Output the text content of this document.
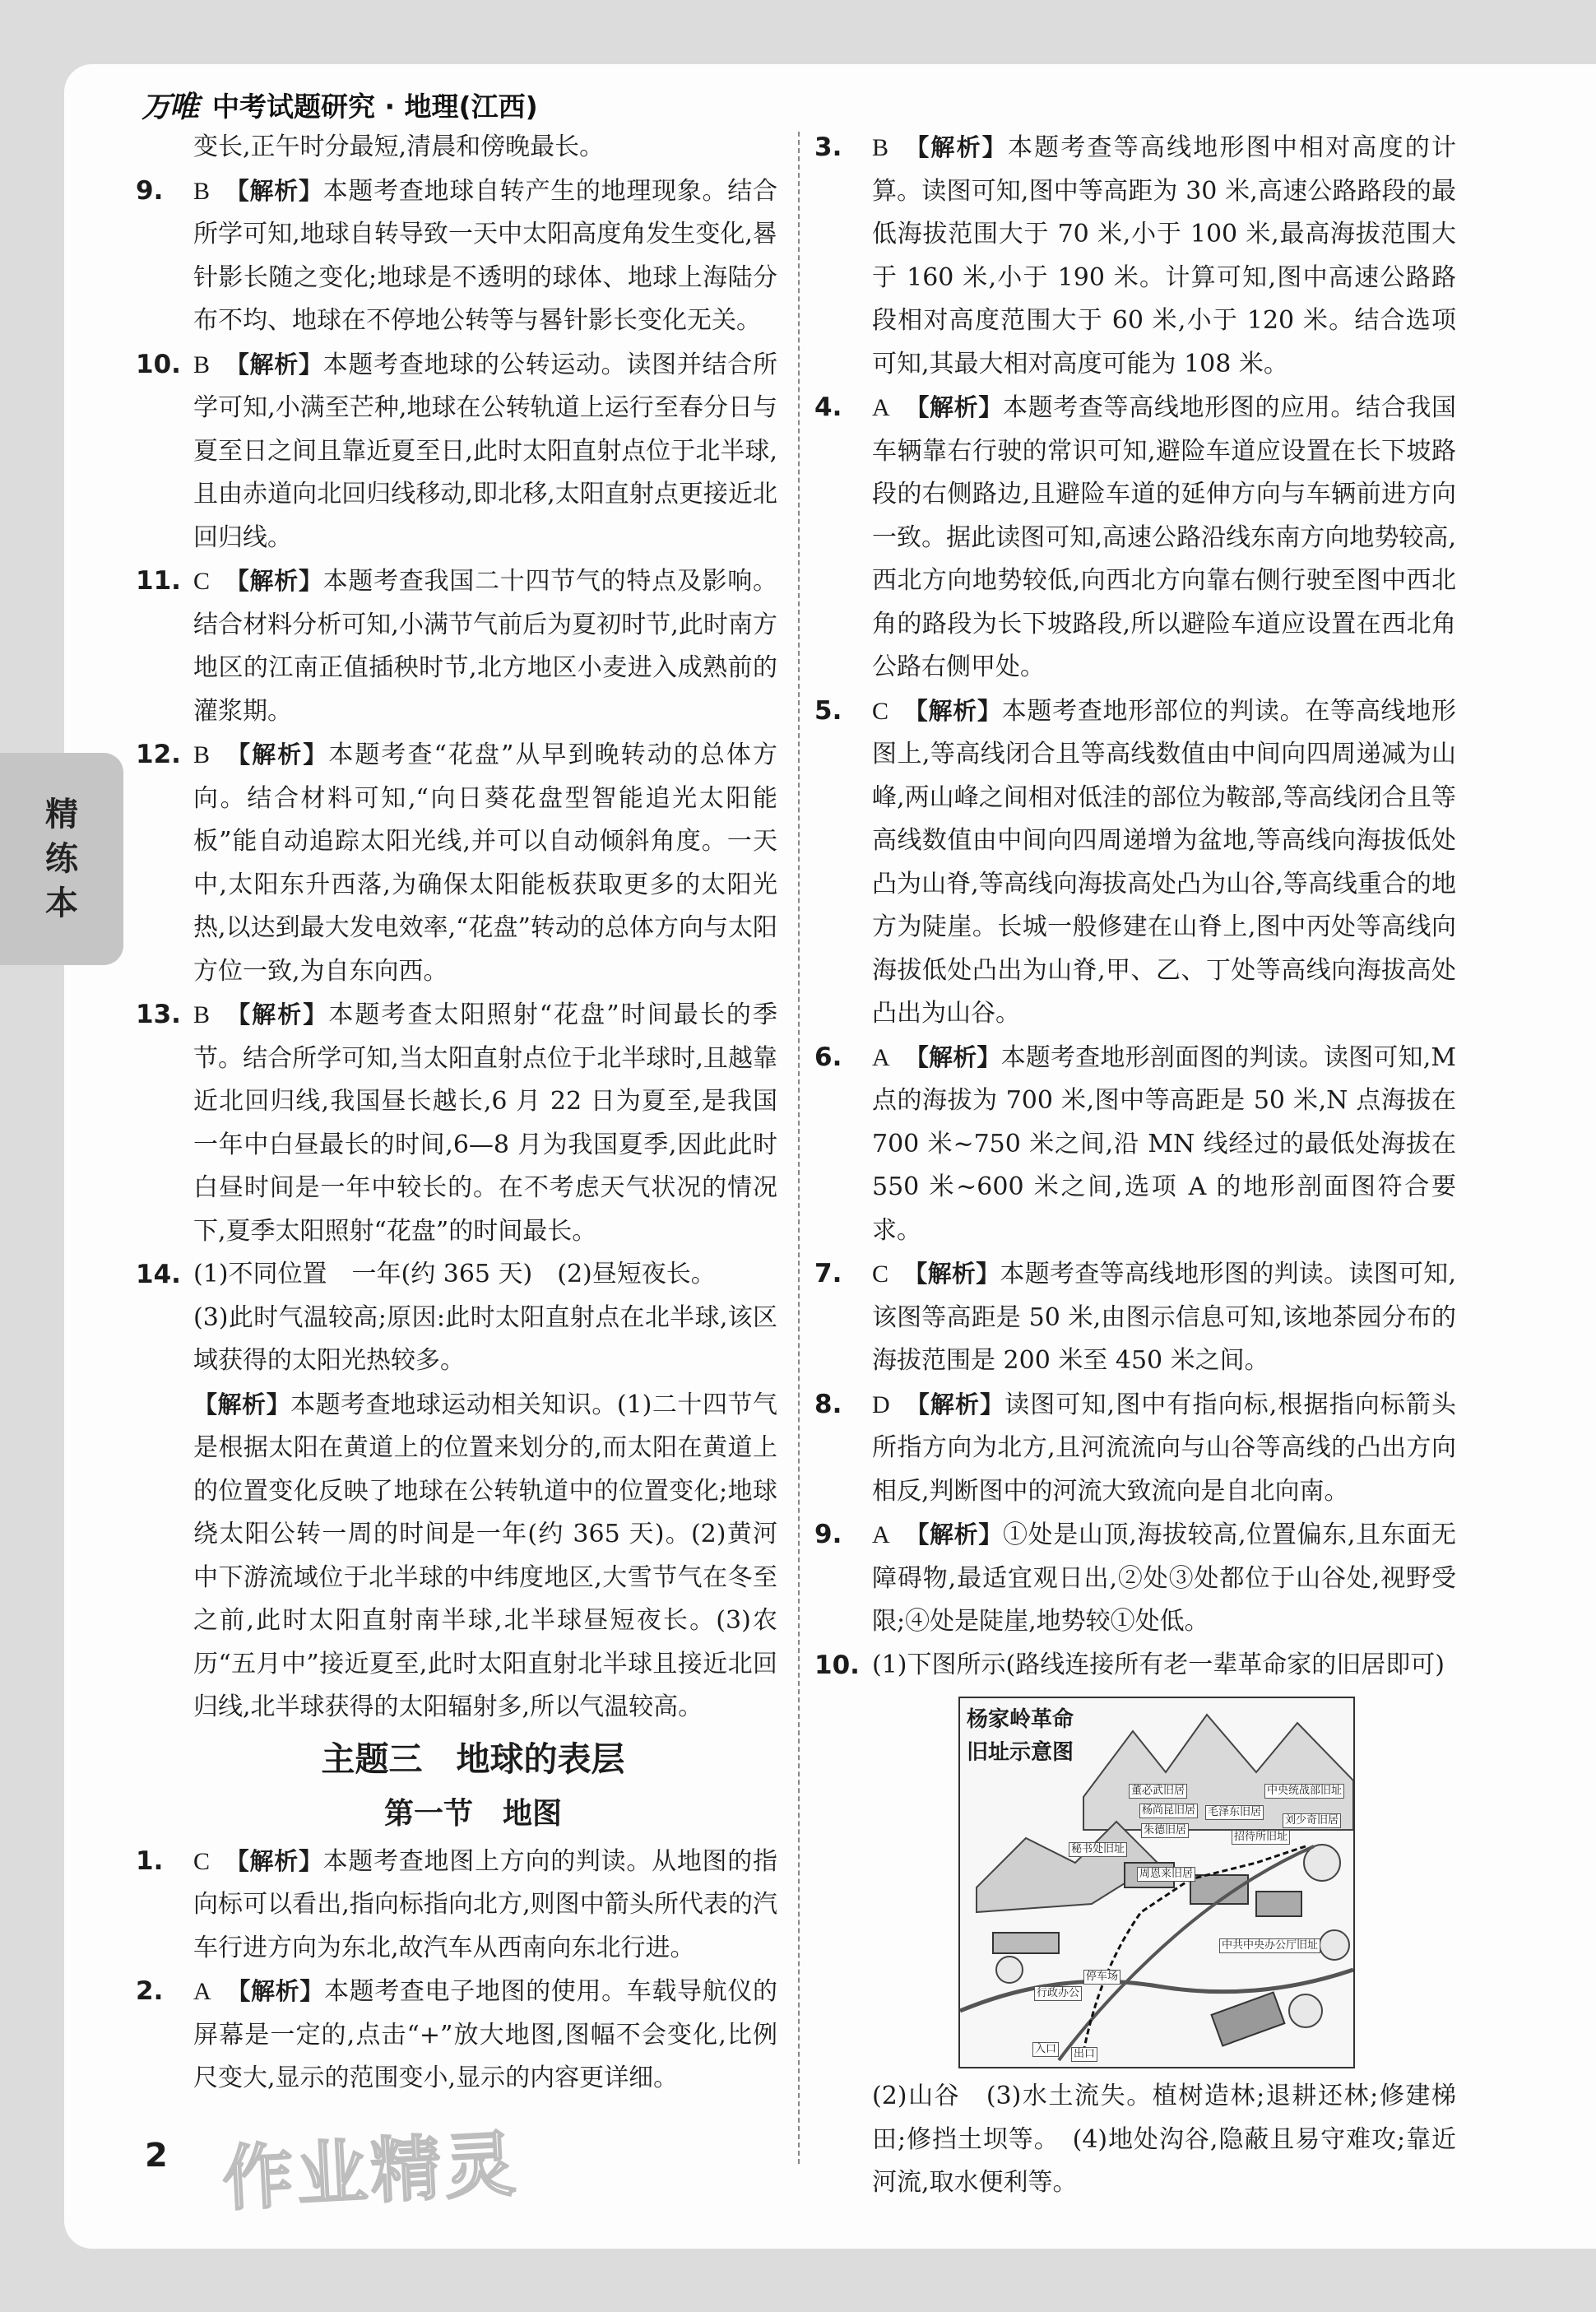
万唯 中考试题研究 · 地理(江西)
精
练
本
变长,正午时分最短,清晨和傍晚最长。
9. B 【解析】本题考查地球自转产生的地理现象。结合所学可知,地球自转导致一天中太阳高度角发生变化,晷针影长随之变化;地球是不透明的球体、地球上海陆分布不均、地球在不停地公转等与晷针影长变化无关。
10. B 【解析】本题考查地球的公转运动。读图并结合所学可知,小满至芒种,地球在公转轨道上运行至春分日与夏至日之间且靠近夏至日,此时太阳直射点位于北半球,且由赤道向北回归线移动,即北移,太阳直射点更接近北回归线。
11. C 【解析】本题考查我国二十四节气的特点及影响。结合材料分析可知,小满节气前后为夏初时节,此时南方地区的江南正值插秧时节,北方地区小麦进入成熟前的灌浆期。
12. B 【解析】本题考查“花盘”从早到晚转动的总体方向。结合材料可知,“向日葵花盘型智能追光太阳能板”能自动追踪太阳光线,并可以自动倾斜角度。一天中,太阳东升西落,为确保太阳能板获取更多的太阳光热,以达到最大发电效率,“花盘”转动的总体方向与太阳方位一致,为自东向西。
13. B 【解析】本题考查太阳照射“花盘”时间最长的季节。结合所学可知,当太阳直射点位于北半球时,且越靠近北回归线,我国昼长越长,6 月 22 日为夏至,是我国一年中白昼最长的时间,6—8 月为我国夏季,因此此时白昼时间是一年中较长的。在不考虑天气状况的情况下,夏季太阳照射“花盘”的时间最长。
14. (1)不同位置　一年(约 365 天)　(2)昼短夜长。
(3)此时气温较高;原因:此时太阳直射点在北半球,该区域获得的太阳光热较多。
【解析】本题考查地球运动相关知识。(1)二十四节气是根据太阳在黄道上的位置来划分的,而太阳在黄道上的位置变化反映了地球在公转轨道中的位置变化;地球绕太阳公转一周的时间是一年(约 365 天)。(2)黄河中下游流域位于北半球的中纬度地区,大雪节气在冬至之前,此时太阳直射南半球,北半球昼短夜长。(3)农历“五月中”接近夏至,此时太阳直射北半球且接近北回归线,北半球获得的太阳辐射多,所以气温较高。
主题三　地球的表层
第一节　地图
1. C 【解析】本题考查地图上方向的判读。从地图的指向标可以看出,指向标指向北方,则图中箭头所代表的汽车行进方向为东北,故汽车从西南向东北行进。
2. A 【解析】本题考查电子地图的使用。车载导航仪的屏幕是一定的,点击“+”放大地图,图幅不会变化,比例尺变大,显示的范围变小,显示的内容更详细。
3. B 【解析】本题考查等高线地形图中相对高度的计算。读图可知,图中等高距为 30 米,高速公路路段的最低海拔范围大于 70 米,小于 100 米,最高海拔范围大于 160 米,小于 190 米。计算可知,图中高速公路路段相对高度范围大于 60 米,小于 120 米。结合选项可知,其最大相对高度可能为 108 米。
4. A 【解析】本题考查等高线地形图的应用。结合我国车辆靠右行驶的常识可知,避险车道应设置在长下坡路段的右侧路边,且避险车道的延伸方向与车辆前进方向一致。据此读图可知,高速公路沿线东南方向地势较高,西北方向地势较低,向西北方向靠右侧行驶至图中西北角的路段为长下坡路段,所以避险车道应设置在西北角公路右侧甲处。
5. C 【解析】本题考查地形部位的判读。在等高线地形图上,等高线闭合且等高线数值由中间向四周递减为山峰,两山峰之间相对低洼的部位为鞍部,等高线闭合且等高线数值由中间向四周递增为盆地,等高线向海拔低处凸为山脊,等高线向海拔高处凸为山谷,等高线重合的地方为陡崖。长城一般修建在山脊上,图中丙处等高线向海拔低处凸出为山脊,甲、乙、丁处等高线向海拔高处凸出为山谷。
6. A 【解析】本题考查地形剖面图的判读。读图可知,M 点的海拔为 700 米,图中等高距是 50 米,N 点海拔在 700 米~750 米之间,沿 MN 线经过的最低处海拔在 550 米~600 米之间,选项 A 的地形剖面图符合要求。
7. C 【解析】本题考查等高线地形图的判读。读图可知,该图等高距是 50 米,由图示信息可知,该地茶园分布的海拔范围是 200 米至 450 米之间。
8. D 【解析】读图可知,图中有指向标,根据指向标箭头所指方向为北方,且河流流向与山谷等高线的凸出方向相反,判断图中的河流大致流向是自北向南。
9. A 【解析】①处是山顶,海拔较高,位置偏东,且东面无障碍物,最适宜观日出,②处③处都位于山谷处,视野受限;④处是陡崖,地势较①处低。
10. (1)下图所示(路线连接所有老一辈革命家的旧居即可)
杨家岭革命
旧址示意图
董必武旧居
杨尚昆旧居
朱德旧居
毛泽东旧居
中央统战部旧址
刘少奇旧居
秘书处旧址
周恩来旧居
招待所旧址
中共中央办公厅旧址
停车场
行政办公
入口 出口
(2)山谷　(3)水土流失。植树造林;退耕还林;修建梯田;修挡土坝等。　(4)地处沟谷,隐蔽且易守难攻;靠近河流,取水便利等。
作业精灵
2
